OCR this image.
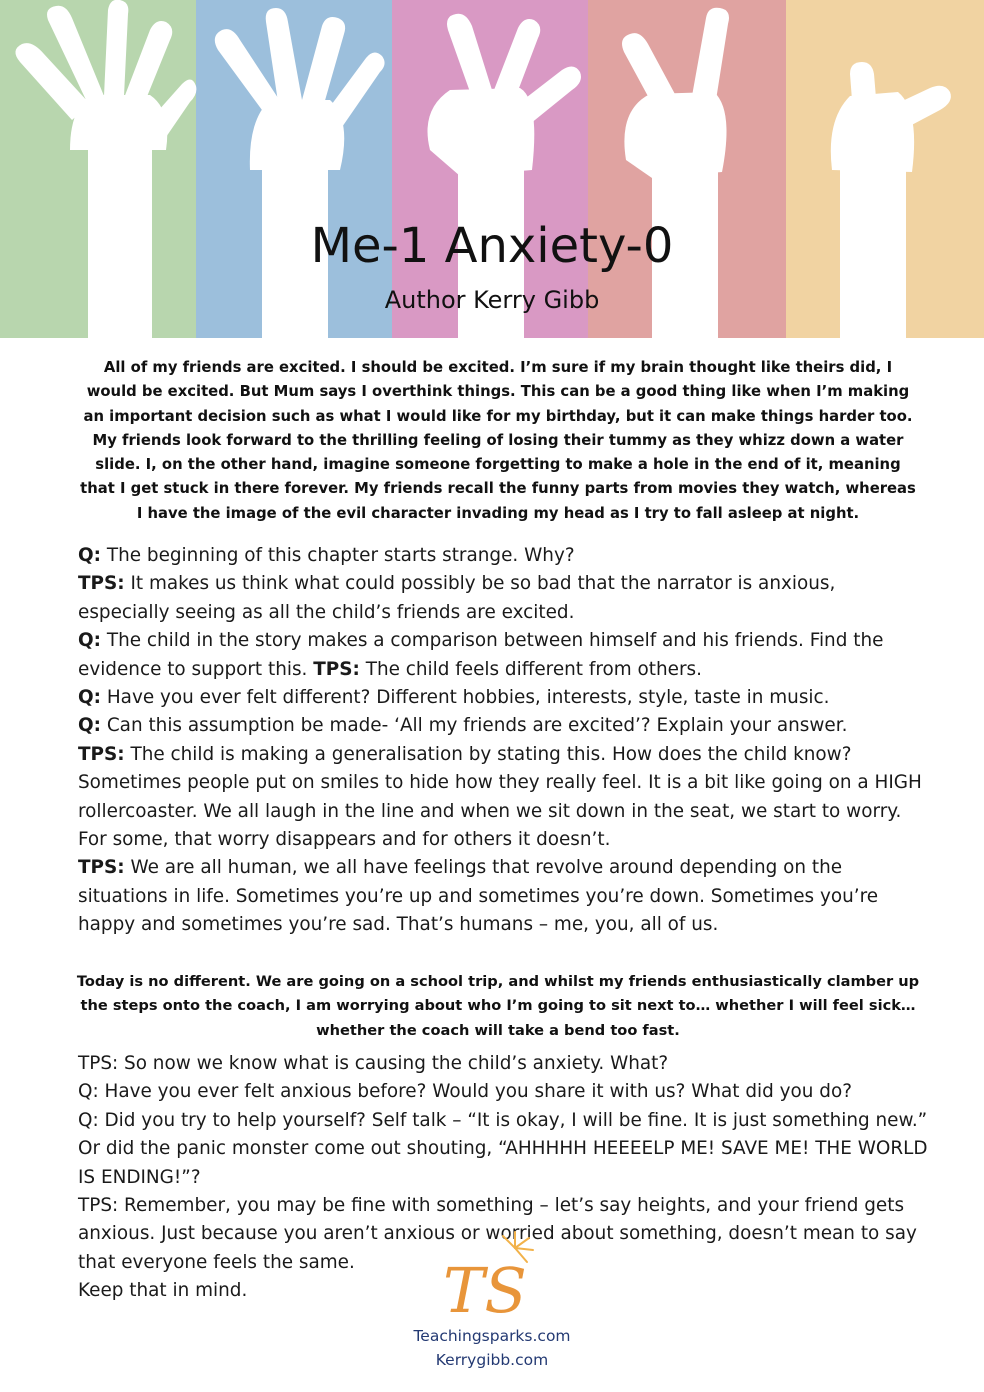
Me-1 Anxiety-0
Author Kerry Gibb

All of my friends are excited. I should be excited. I’m sure if my brain thought like theirs did, I would be excited. But Mum says I overthink things. This can be a good thing like when I’m making an important decision such as what I would like for my birthday, but it can make things harder too. My friends look forward to the thrilling feeling of losing their tummy as they whizz down a water slide. I, on the other hand, imagine someone forgetting to make a hole in the end of it, meaning that I get stuck in there forever. My friends recall the funny parts from movies they watch, whereas I have the image of the evil character invading my head as I try to fall asleep at night.

Q: The beginning of this chapter starts strange. Why?

TPS: It makes us think what could possibly be so bad that the narrator is anxious, especially seeing as all the child’s friends are excited.

Q: The child in the story makes a comparison between himself and his friends. Find the evidence to support this. TPS: The child feels different from others.

Q: Have you ever felt different? Different hobbies, interests, style, taste in music.

Q: Can this assumption be made- ‘All my friends are excited’? Explain your answer.

TPS: The child is making a generalisation by stating this. How does the child know? Sometimes people put on smiles to hide how they really feel. It is a bit like going on a HIGH rollercoaster. We all laugh in the line and when we sit down in the seat, we start to worry. For some, that worry disappears and for others it doesn’t.

TPS: We are all human, we all have feelings that revolve around depending on the situations in life. Sometimes you’re up and sometimes you’re down. Sometimes you’re happy and sometimes you’re sad. That’s humans – me, you, all of us.

Today is no different. We are going on a school trip, and whilst my friends enthusiastically clamber up the steps onto the coach, I am worrying about who I’m going to sit next to… whether I will feel sick…whether the coach will take a bend too fast.

TPS: So now we know what is causing the child’s anxiety. What?

Q: Have you ever felt anxious before? Would you share it with us? What did you do?

Q: Did you try to help yourself? Self talk – “It is okay, I will be fine. It is just something new.” Or did the panic monster come out shouting, “AHHHHH HEEEELP ME! SAVE ME! THE WORLD IS ENDING!”?

TPS: Remember, you may be fine with something – let’s say heights, and your friend gets anxious. Just because you aren’t anxious or worried about something, doesn’t mean to say that everyone feels the same.

Keep that in mind.	TS
Teachingsparks.com
Kerrygibb.com
